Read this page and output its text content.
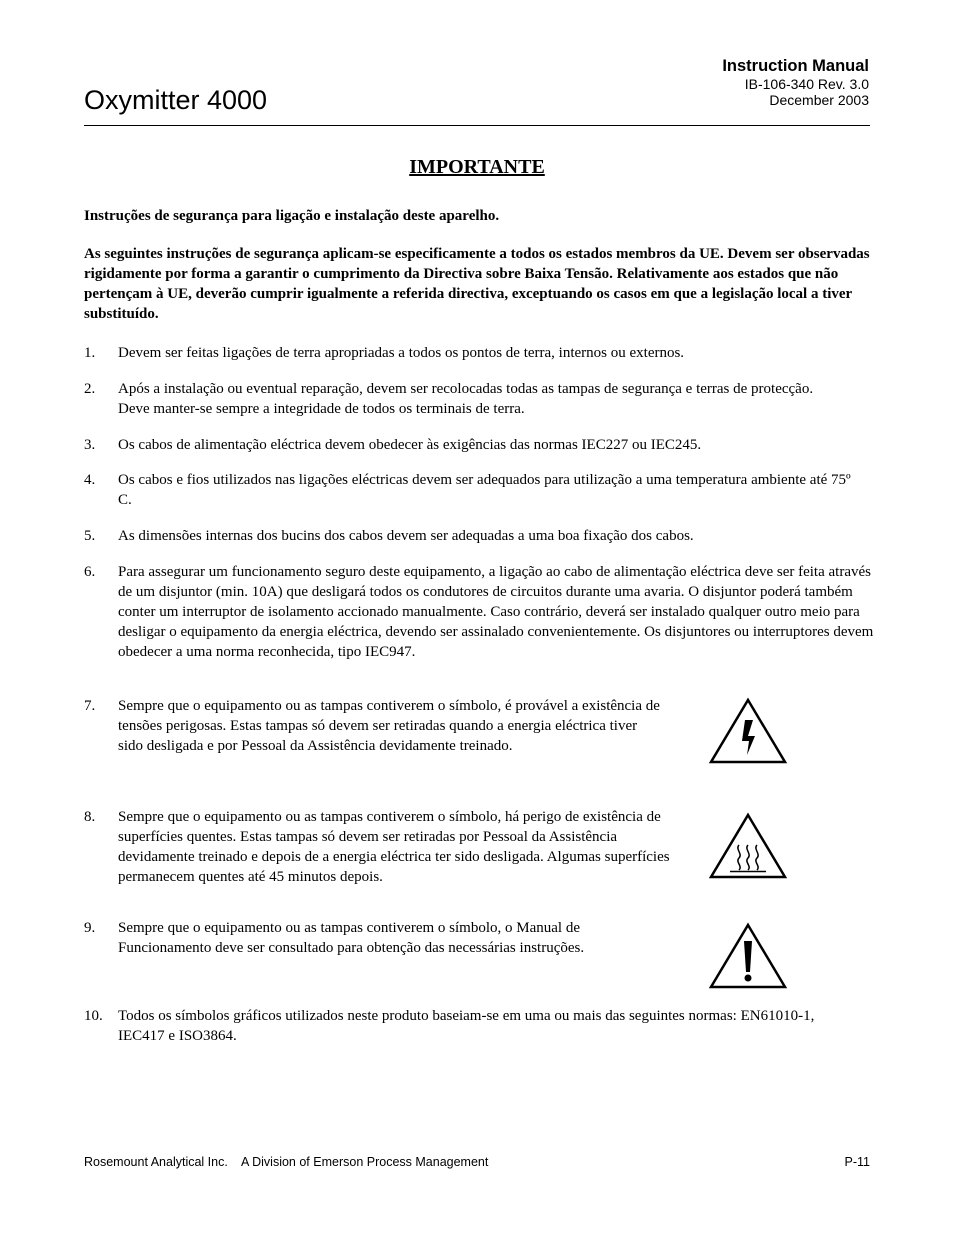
Instruction Manual
IB-106-340 Rev. 3.0
December 2003
Oxymitter 4000
IMPORTANTE

Instruções de segurança para ligação e instalação deste aparelho.

As seguintes instruções de segurança aplicam-se especificamente a todos os estados membros da UE. Devem ser observadas rigidamente por forma a garantir o cumprimento da Directiva sobre Baixa Tensão. Relativamente aos estados que não pertençam à UE, deverão cumprir igualmente a referida directiva, exceptuando os casos em que a legislação local a tiver substituído.

1. Devem ser feitas ligações de terra apropriadas a todos os pontos de terra, internos ou externos.
2. Após a instalação ou eventual reparação, devem ser recolocadas todas as tampas de segurança e terras de protecção. Deve manter-se sempre a integridade de todos os terminais de terra.
3. Os cabos de alimentação eléctrica devem obedecer às exigências das normas IEC227 ou IEC245.
4. Os cabos e fios utilizados nas ligações eléctricas devem ser adequados para utilização a uma temperatura ambiente até 75º C.
5. As dimensões internas dos bucins dos cabos devem ser adequadas a uma boa fixação dos cabos.
6. Para assegurar um funcionamento seguro deste equipamento, a ligação ao cabo de alimentação eléctrica deve ser feita através de um disjuntor (min. 10A) que desligará todos os condutores de circuitos durante uma avaria. O disjuntor poderá também conter um interruptor de isolamento accionado manualmente. Caso contrário, deverá ser instalado qualquer outro meio para desligar o equipamento da energia eléctrica, devendo ser assinalado convenientemente. Os disjuntores ou interruptores devem obedecer a uma norma reconhecida, tipo IEC947.
7. Sempre que o equipamento ou as tampas contiverem o símbolo, é provável a existência de tensões perigosas. Estas tampas só devem ser retiradas quando a energia eléctrica tiver sido desligada e por Pessoal da Assistência devidamente treinado.
8. Sempre que o equipamento ou as tampas contiverem o símbolo, há perigo de existência de superfícies quentes. Estas tampas só devem ser retiradas por Pessoal da Assistência devidamente treinado e depois de a energia eléctrica ter sido desligada. Algumas superfícies permanecem quentes até 45 minutos depois.
9. Sempre que o equipamento ou as tampas contiverem o símbolo, o Manual de Funcionamento deve ser consultado para obtenção das necessárias instruções.
10. Todos os símbolos gráficos utilizados neste produto baseiam-se em uma ou mais das seguintes normas: EN61010-1, IEC417 e ISO3864.
Rosemount Analytical Inc. A Division of Emerson Process Management	P-11
